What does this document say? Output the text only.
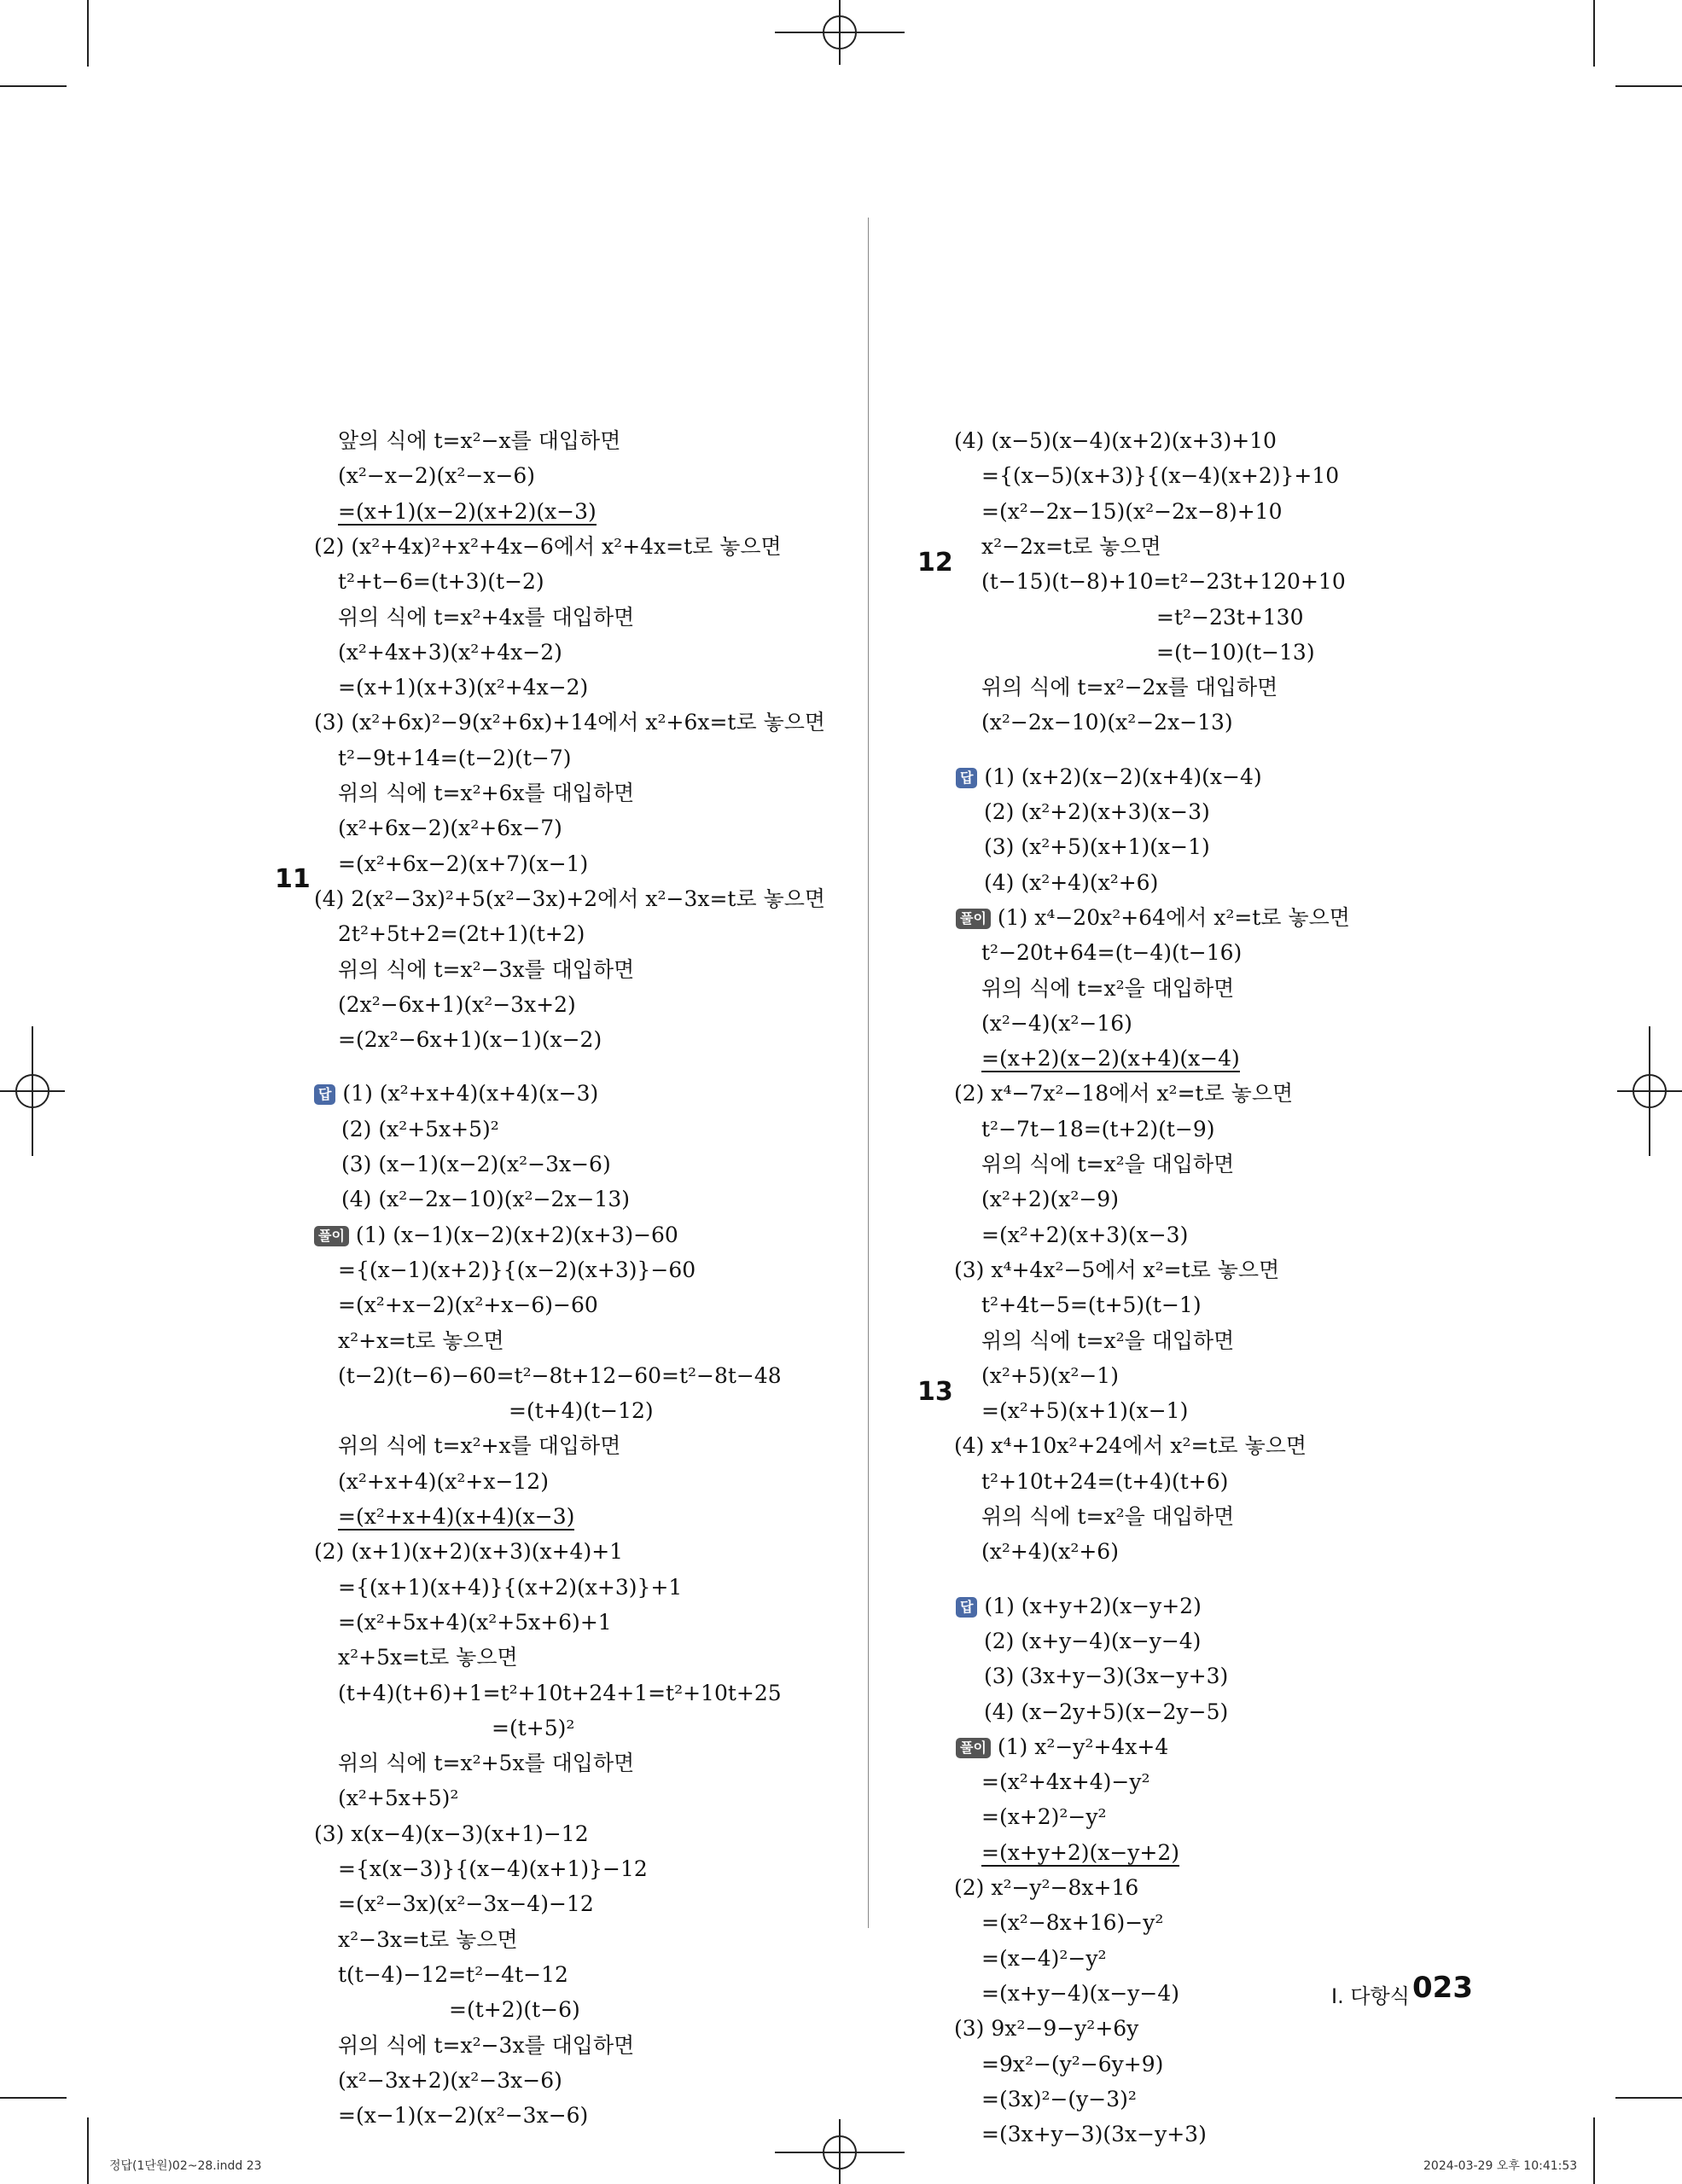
앞의 식에 t=x²−x를 대입하면
(x²−x−2)(x²−x−6)
=(x+1)(x−2)(x+2)(x−3)
(2) (x²+4x)²+x²+4x−6에서 x²+4x=t로 놓으면
t²+t−6=(t+3)(t−2)
위의 식에 t=x²+4x를 대입하면
(x²+4x+3)(x²+4x−2)
=(x+1)(x+3)(x²+4x−2)
(3) (x²+6x)²−9(x²+6x)+14에서 x²+6x=t로 놓으면
t²−9t+14=(t−2)(t−7)
위의 식에 t=x²+6x를 대입하면
(x²+6x−2)(x²+6x−7)
=(x²+6x−2)(x+7)(x−1)
(4) 2(x²−3x)²+5(x²−3x)+2에서 x²−3x=t로 놓으면
2t²+5t+2=(2t+1)(t+2)
위의 식에 t=x²−3x를 대입하면
(2x²−6x+1)(x²−3x+2)
=(2x²−6x+1)(x−1)(x−2)
답 (1) (x²+x+4)(x+4)(x−3)
(2) (x²+5x+5)²
(3) (x−1)(x−2)(x²−3x−6)
(4) (x²−2x−10)(x²−2x−13)
풀이 (1) (x−1)(x−2)(x+2)(x+3)−60
={(x−1)(x+2)}{(x−2)(x+3)}−60
=(x²+x−2)(x²+x−6)−60
x²+x=t로 놓으면
(t−2)(t−6)−60=t²−8t+12−60=t²−8t−48
=(t+4)(t−12)
위의 식에 t=x²+x를 대입하면
(x²+x+4)(x²+x−12)
=(x²+x+4)(x+4)(x−3)
(2) (x+1)(x+2)(x+3)(x+4)+1
={(x+1)(x+4)}{(x+2)(x+3)}+1
=(x²+5x+4)(x²+5x+6)+1
x²+5x=t로 놓으면
(t+4)(t+6)+1=t²+10t+24+1=t²+10t+25
=(t+5)²
위의 식에 t=x²+5x를 대입하면
(x²+5x+5)²
(3) x(x−4)(x−3)(x+1)−12
={x(x−3)}{(x−4)(x+1)}−12
=(x²−3x)(x²−3x−4)−12
x²−3x=t로 놓으면
t(t−4)−12=t²−4t−12
=(t+2)(t−6)
위의 식에 t=x²−3x를 대입하면
(x²−3x+2)(x²−3x−6)
=(x−1)(x−2)(x²−3x−6)
(4) (x−5)(x−4)(x+2)(x+3)+10
={(x−5)(x+3)}{(x−4)(x+2)}+10
=(x²−2x−15)(x²−2x−8)+10
x²−2x=t로 놓으면
(t−15)(t−8)+10=t²−23t+120+10
=t²−23t+130
=(t−10)(t−13)
위의 식에 t=x²−2x를 대입하면
(x²−2x−10)(x²−2x−13)
답 (1) (x+2)(x−2)(x+4)(x−4)
(2) (x²+2)(x+3)(x−3)
(3) (x²+5)(x+1)(x−1)
(4) (x²+4)(x²+6)
풀이 (1) x⁴−20x²+64에서 x²=t로 놓으면
t²−20t+64=(t−4)(t−16)
위의 식에 t=x²을 대입하면
(x²−4)(x²−16)
=(x+2)(x−2)(x+4)(x−4)
(2) x⁴−7x²−18에서 x²=t로 놓으면
t²−7t−18=(t+2)(t−9)
위의 식에 t=x²을 대입하면
(x²+2)(x²−9)
=(x²+2)(x+3)(x−3)
(3) x⁴+4x²−5에서 x²=t로 놓으면
t²+4t−5=(t+5)(t−1)
위의 식에 t=x²을 대입하면
(x²+5)(x²−1)
=(x²+5)(x+1)(x−1)
(4) x⁴+10x²+24에서 x²=t로 놓으면
t²+10t+24=(t+4)(t+6)
위의 식에 t=x²을 대입하면
(x²+4)(x²+6)
답 (1) (x+y+2)(x−y+2)
(2) (x+y−4)(x−y−4)
(3) (3x+y−3)(3x−y+3)
(4) (x−2y+5)(x−2y−5)
풀이 (1) x²−y²+4x+4
=(x²+4x+4)−y²
=(x+2)²−y²
=(x+y+2)(x−y+2)
(2) x²−y²−8x+16
=(x²−8x+16)−y²
=(x−4)²−y²
=(x+y−4)(x−y−4)
(3) 9x²−9−y²+6y
=9x²−(y²−6y+9)
=(3x)²−(y−3)²
=(3x+y−3)(3x−y+3)
Ⅰ. 다항식 023
정답(1단원)02~28.indd 23	2024-03-29 오후 10:41:53
11
12
13
